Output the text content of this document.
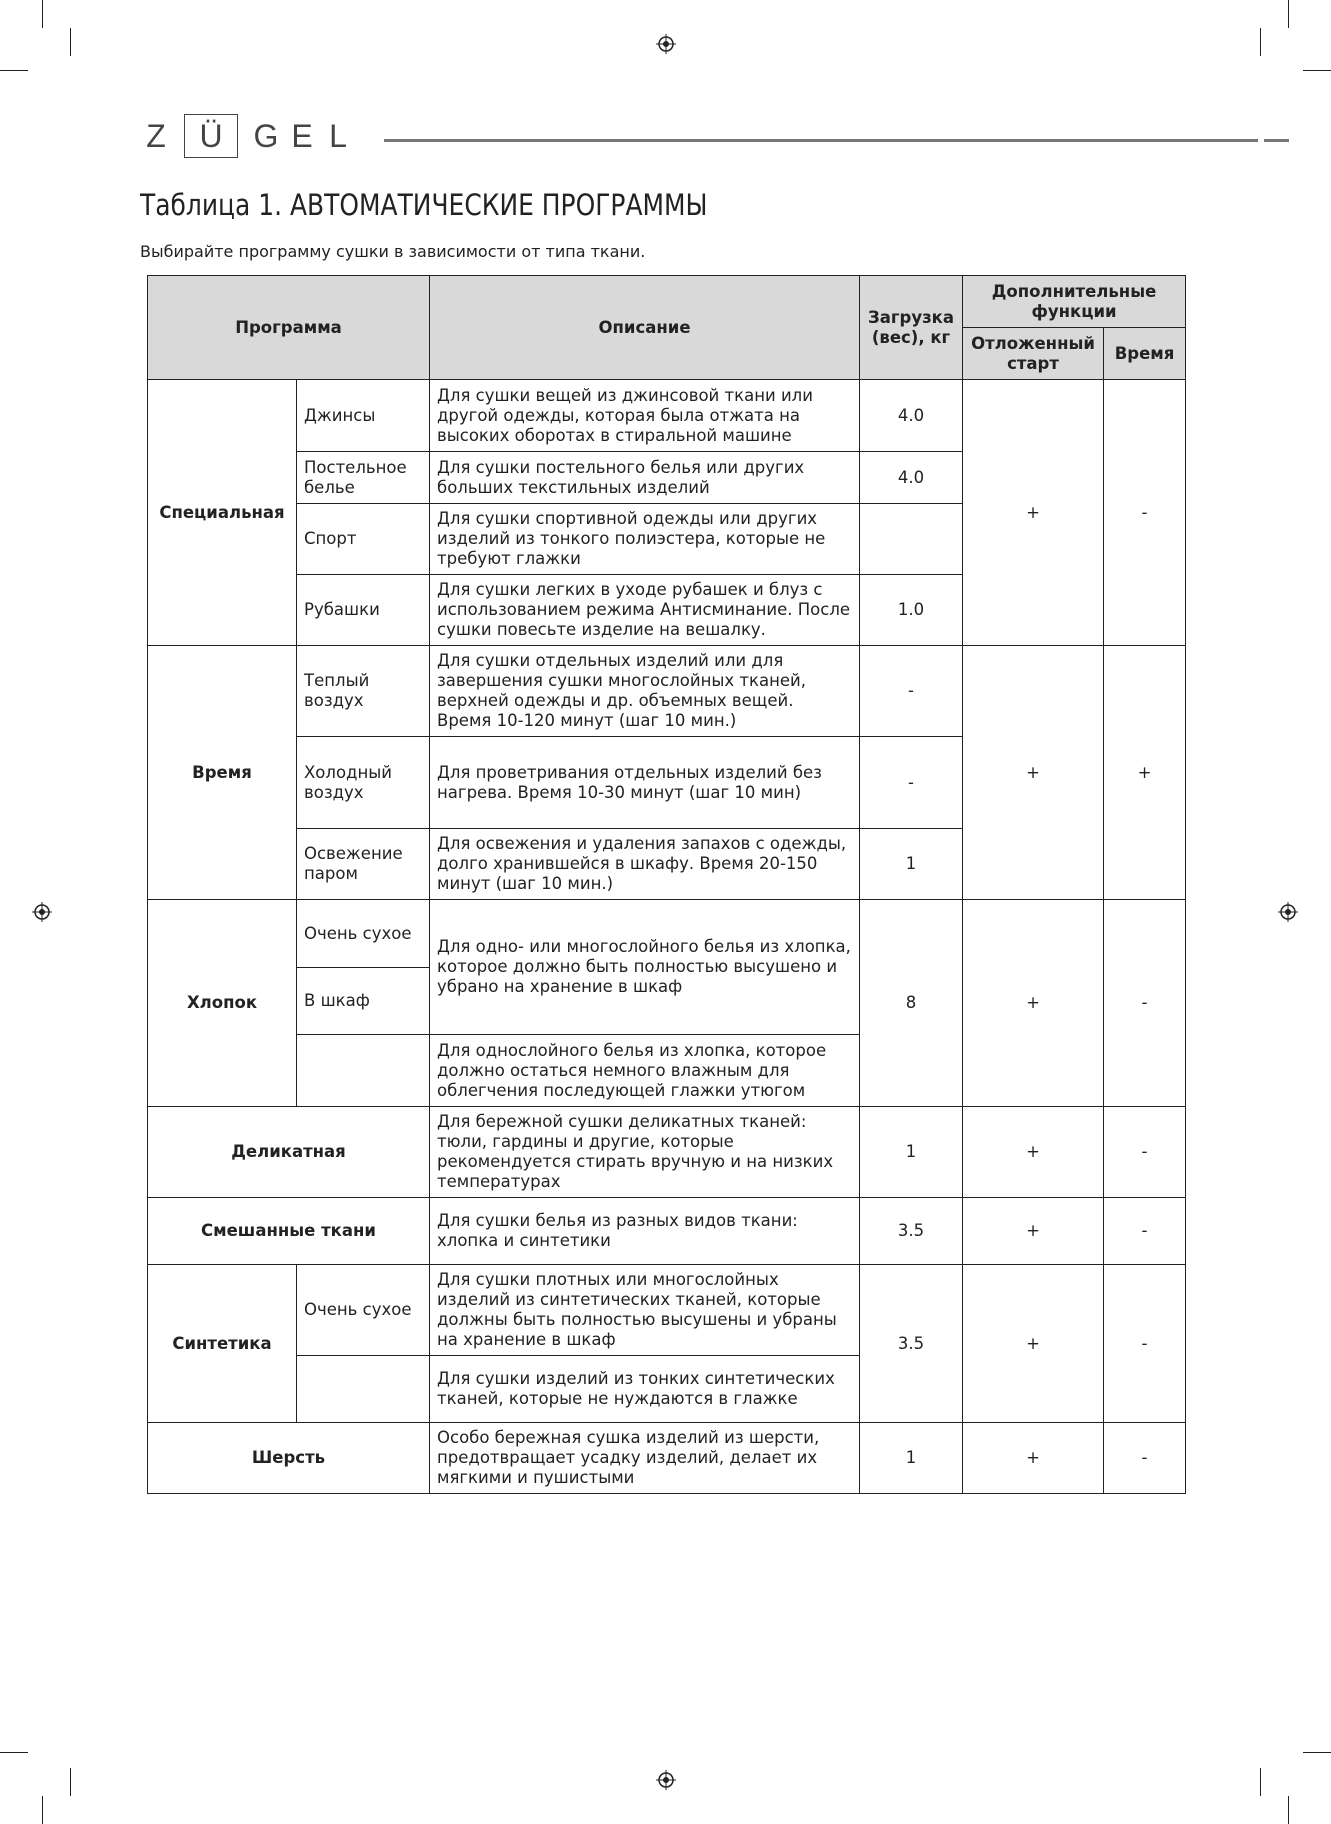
Z	Ü G E L
Таблица 1. АВТОМАТИЧЕСКИЕ ПРОГРАММЫ

Выбирайте программу сушки в зависимости от типа ткани.

Программа		Описание	Загрузка (вес), кг	Дополнительные функции	
				Отложенный старт	Время
Специальная	Джинсы	Для сушки вещей из джинсовой ткани или другой одежды, которая была отжата на высоких оборотах в стиральной машине	4.0	+	-
	Постельное белье	Для сушки постельного белья или других больших текстильных изделий	4.0		
	Спорт	Для сушки спортивной одежды или других изделий из тонкого полиэстера, которые не требуют глажки			
	Рубашки	Для сушки легких в уходе рубашек и блуз с использованием режима Антисминание. После сушки повесьте изделие на вешалку.	1.0		
Время	Теплый воздух	Для сушки отдельных изделий или для завершения сушки многослойных тканей, верхней одежды и др. объемных вещей. Время 10-120 минут (шаг 10 мин.)	-	+	+
	Холодный воздух	Для проветривания отдельных изделий без нагрева. Время 10-30 минут (шаг 10 мин)	-		
	Освежение паром	Для освежения и удаления запахов с одежды, долго хранившейся в шкафу. Время 20-150 минут (шаг 10 мин.)	1		
Хлопок	Очень сухое	Для одно- или многослойного белья из хлопка, которое должно быть полностью высушено и убрано на хранение в шкаф	8	+	-
	В шкаф				
		Для однослойного белья из хлопка, которое должно остаться немного влажным для облегчения последующей глажки утюгом			
Деликатная		Для бережной сушки деликатных тканей: тюли, гардины и другие, которые рекомендуется стирать вручную и на низких температурах	1	+	-
Смешанные ткани		Для сушки белья из разных видов ткани: хлопка и синтетики	3.5	+	-
Синтетика	Очень сухое	Для сушки плотных или многослойных изделий из синтетических тканей, которые должны быть полностью высушены и убраны на хранение в шкаф	3.5	+	-
		Для сушки изделий из тонких синтетических тканей, которые не нуждаются в глажке			
Шерсть		Особо бережная сушка изделий из шерсти, предотвращает усадку изделий, делает их мягкими и пушистыми	1	+	-
